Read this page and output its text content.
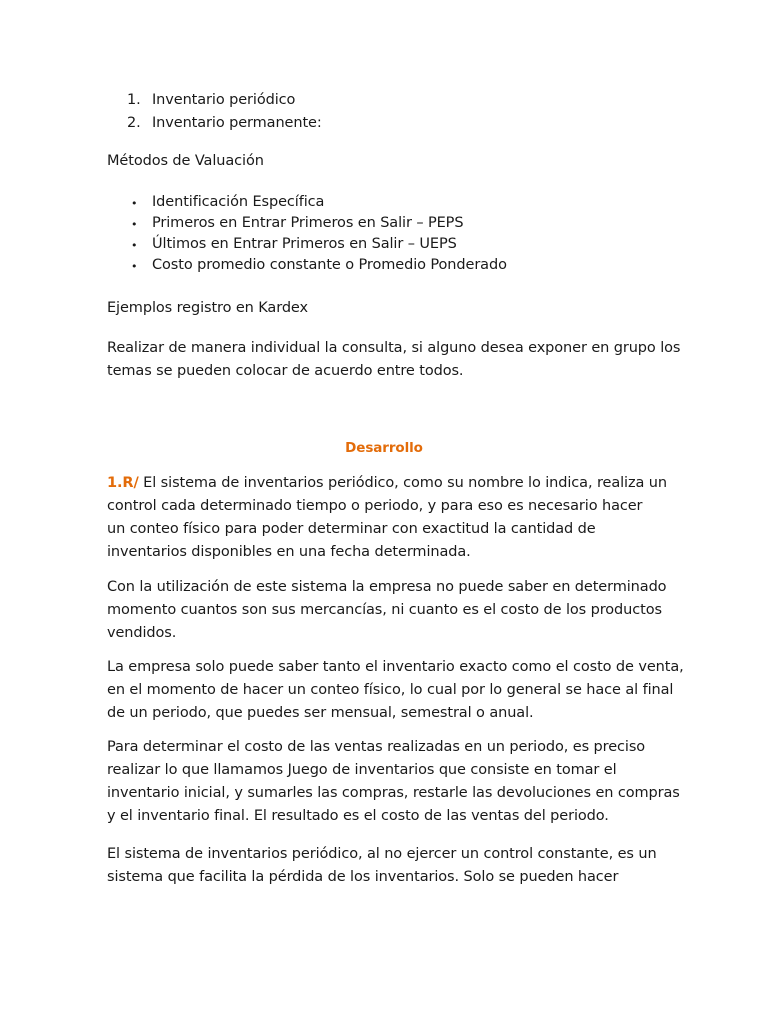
1. Inventario periódico
2. Inventario permanente:
Métodos de Valuación
• Identificación Específica
• Primeros en Entrar Primeros en Salir – PEPS
• Últimos en Entrar Primeros en Salir – UEPS
• Costo promedio constante o Promedio Ponderado
Ejemplos registro en Kardex
Realizar de manera individual la consulta, si alguno desea exponer en grupo los
temas se pueden colocar de acuerdo entre todos.
Desarrollo
1.R/ El sistema de inventarios periódico, como su nombre lo indica, realiza un
control cada determinado tiempo o periodo, y para eso es necesario hacer
un conteo físico para poder determinar con exactitud la cantidad de
inventarios disponibles en una fecha determinada.
Con la utilización de este sistema la empresa no puede saber en determinado
momento cuantos son sus mercancías, ni cuanto es el costo de los productos
vendidos.
La empresa solo puede saber tanto el inventario exacto como el costo de venta,
en el momento de hacer un conteo físico, lo cual por lo general se hace al final
de un periodo, que puedes ser mensual, semestral o anual.
Para determinar el costo de las ventas realizadas en un periodo, es preciso
realizar lo que llamamos Juego de inventarios que consiste en tomar el
inventario inicial, y sumarles las compras, restarle las devoluciones en compras
y el inventario final. El resultado es el costo de las ventas del periodo.
El sistema de inventarios periódico, al no ejercer un control constante, es un
sistema que facilita la pérdida de los inventarios. Solo se pueden hacer
